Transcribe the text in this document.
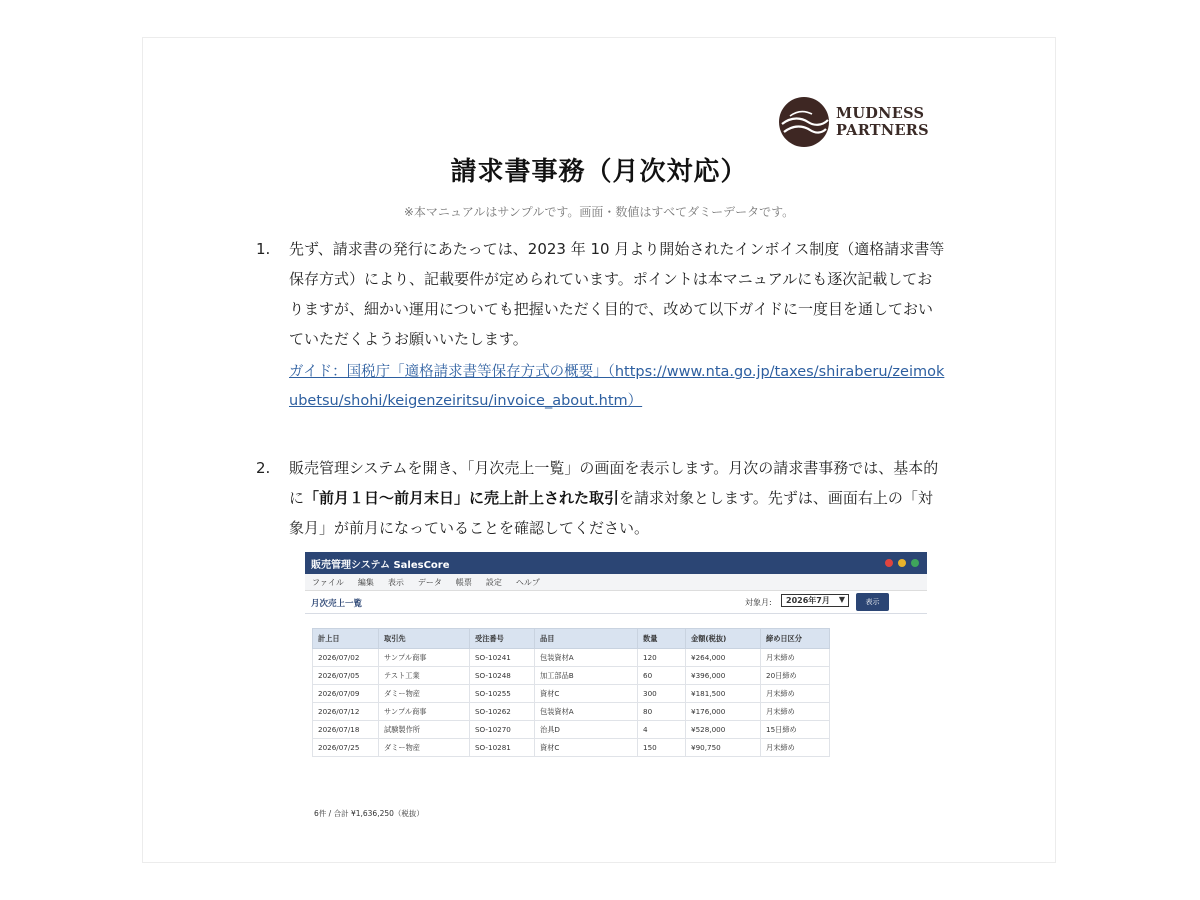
MUDNESS
PARTNERS
請求書事務（月次対応）
※本マニュアルはサンプルです。画面・数値はすべてダミーデータです。
1. 先ず、請求書の発行にあたっては、2023 年 10 月より開始されたインボイス制度（適格請求書等保存方式）により、記載要件が定められています。ポイントは本マニュアルにも逐次記載しておりますが、細かい運用についても把握いただく目的で、改めて以下ガイドに一度目を通しておいていただくようお願いいたします。
ガイド：国税庁「適格請求書等保存方式の概要」（https://www.nta.go.jp/taxes/shiraberu/zeimokubetsu/shohi/keigenzeiritsu/invoice_about.htm）
2. 販売管理システムを開き、「月次売上一覧」の画面を表示します。月次の請求書事務では、基本的に「前月１日〜前月末日」に売上計上された取引を請求対象とします。先ずは、画面右上の「対象月」が前月になっていることを確認してください。
販売管理システム SalesCore
ファイル 編集 表示 データ 帳票 設定 ヘルプ
月次売上一覧	対象月: 2026年7月 ▼	表示
計上日	取引先	受注番号	品目	数量	金額(税抜)	締め日区分
2026/07/02	サンプル商事	SO-10241	包装資材A	120	¥264,000	月末締め
2026/07/05	テスト工業	SO-10248	加工部品B	60	¥396,000	20日締め
2026/07/09	ダミー物産	SO-10255	資材C	300	¥181,500	月末締め
2026/07/12	サンプル商事	SO-10262	包装資材A	80	¥176,000	月末締め
2026/07/18	試験製作所	SO-10270	治具D	4	¥528,000	15日締め
2026/07/25	ダミー物産	SO-10281	資材C	150	¥90,750	月末締め
6件 / 合計 ¥1,636,250（税抜）
